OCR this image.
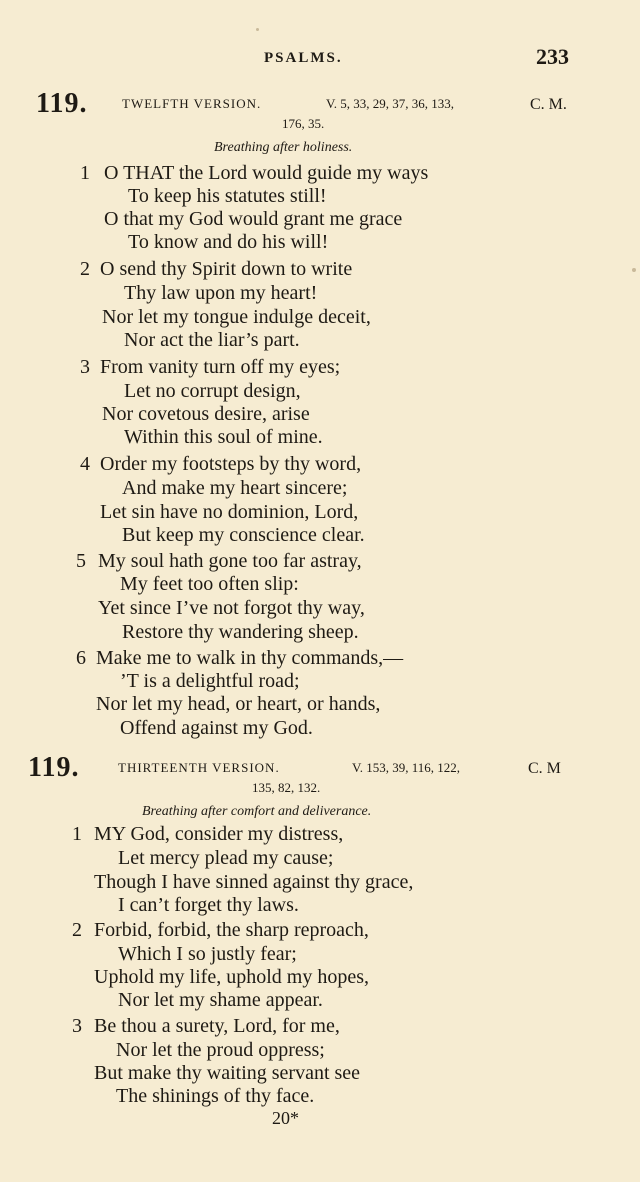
PSALMS.	233
119.	TWELFTH VERSION.	V. 5, 33, 29, 37, 36, 133,	C. M.
176, 35.
Breathing after holiness.
1 O THAT the Lord would guide my ways
To keep his statutes still!
O that my God would grant me grace
To know and do his will!
2 O send thy Spirit down to write
Thy law upon my heart!
Nor let my tongue indulge deceit,
Nor act the liar’s part.
3 From vanity turn off my eyes;
Let no corrupt design,
Nor covetous desire, arise
Within this soul of mine.
4 Order my footsteps by thy word,
And make my heart sincere;
Let sin have no dominion, Lord,
But keep my conscience clear.
5 My soul hath gone too far astray,
My feet too often slip:
Yet since I’ve not forgot thy way,
Restore thy wandering sheep.
6 Make me to walk in thy commands,—
’T is a delightful road;
Nor let my head, or heart, or hands,
Offend against my God.
119.	THIRTEENTH VERSION.	V. 153, 39, 116, 122,	C. M
135, 82, 132.
Breathing after comfort and deliverance.
1 MY God, consider my distress,
Let mercy plead my cause;
Though I have sinned against thy grace,
I can’t forget thy laws.
2 Forbid, forbid, the sharp reproach,
Which I so justly fear;
Uphold my life, uphold my hopes,
Nor let my shame appear.
3 Be thou a surety, Lord, for me,
Nor let the proud oppress;
But make thy waiting servant see
The shinings of thy face.
20*
